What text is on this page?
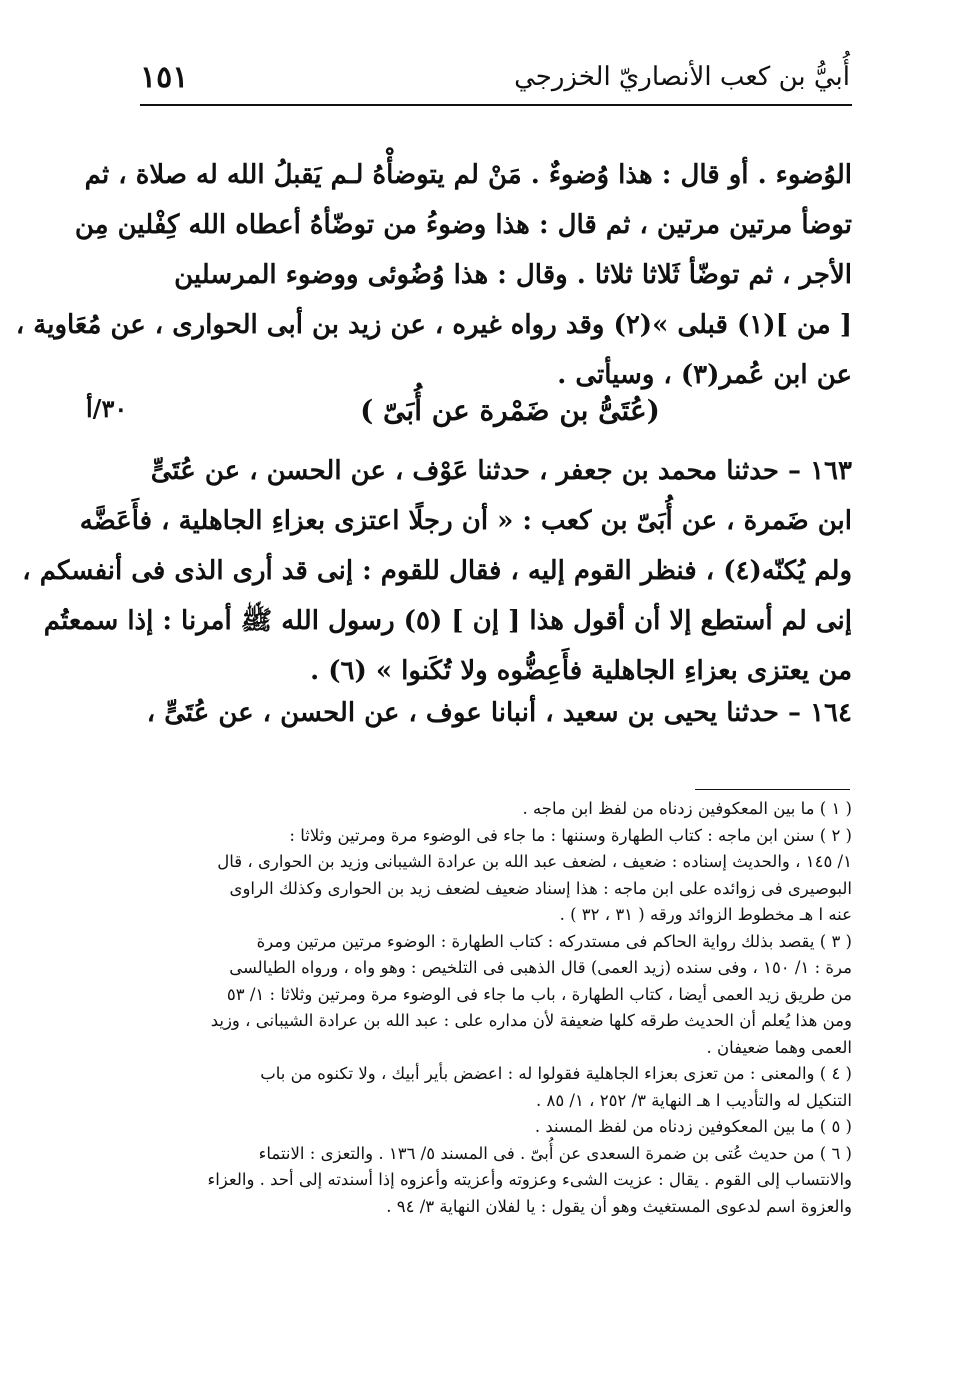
أُبيُّ بن كعب الأنصاريّ الخزرجي
١٥١
الوُضوء . أو قال : هذا وُضوءٌ . مَنْ لم يتوضأْهُ لـم يَقبلُ الله له صلاة ، ثم
توضأ مرتين مرتين ، ثم قال : هذا وضوءُ من توضّأهُ أعطاه الله كِفْلين مِن
الأجر ، ثم توضّأ ثَلاثا ثلاثا . وقال : هذا وُضُوئى ووضوء المرسلين
[ من ](١) قبلى »(٢) وقد رواه غيره ، عن زيد بن أبى الحوارى ، عن مُعَاوية ،
عن ابن عُمر(٣) ، وسيأتى .
٣٠/أ	(عُتَىُّ بن ضَمْرة عن أُبَىّ )
١٦٣ – حدثنا محمد بن جعفر ، حدثنا عَوْف ، عن الحسن ، عن عُتَىٍّ
ابن ضَمرة ، عن أُبَىّ بن كعب : « أن رجلًا اعتزى بعزاءِ الجاهلية ، فأَعَضَّه
ولم يُكنّه(٤) ، فنظر القوم إليه ، فقال للقوم : إنى قد أرى الذى فى أنفسكم ،
إنى لم أستطع إلا أن أقول هذا [ إن ] (٥) رسول الله ﷺ أمرنا : إذا سمعتُم
من يعتزى بعزاءِ الجاهلية فأَعِضُّوه ولا تُكَنوا » (٦) .
١٦٤ – حدثنا يحيى بن سعيد ، أنبانا عوف ، عن الحسن ، عن عُتَىٍّ ،
( ١ ) ما بين المعكوفين زدناه من لفظ ابن ماجه .
( ٢ ) سنن ابن ماجه : كتاب الطهارة وسننها : ما جاء فى الوضوء مرة ومرتين وثلاثا :
١/ ١٤٥ ، والحديث إسناده : ضعيف ، لضعف عبد الله بن عرادة الشيبانى وزيد بن الحوارى ، قال
البوصيرى فى زوائده على ابن ماجه : هذا إسناد ضعيف لضعف زيد بن الحوارى وكذلك الراوى
عنه ا هـ مخطوط الزوائد ورقه ( ٣١ ، ٣٢ ) .
( ٣ ) يقصد بذلك رواية الحاكم فى مستدركه : كتاب الطهارة : الوضوء مرتين مرتين ومرة
مرة : ١/ ١٥٠ ، وفى سنده (زيد العمى) قال الذهبى فى التلخيص : وهو واه ، ورواه الطيالسى
من طريق زيد العمى أيضا ، كتاب الطهارة ، باب ما جاء فى الوضوء مرة ومرتين وثلاثا : ١/ ٥٣
ومن هذا يُعلم أن الحديث طرقه كلها ضعيفة لأن مداره على : عبد الله بن عرادة الشيبانى ، وزيد
العمى وهما ضعيفان .
( ٤ ) والمعنى : من تعزى بعزاء الجاهلية فقولوا له : اعضض بأير أبيك ، ولا تكنوه من باب
التنكيل له والتأديب ا هـ النهاية ٣/ ٢٥٢ ، ١/ ٨٥ .
( ٥ ) ما بين المعكوفين زدناه من لفظ المسند .
( ٦ ) من حديث عُتى بن ضمرة السعدى عن أُبىّ . فى المسند ٥/ ١٣٦ . والتعزى : الانتماء
والانتساب إلى القوم . يقال : عزيت الشىء وعزوته وأعزيته وأعزوه إذا أسندته إلى أحد . والعزاء
والعزوة اسم لدعوى المستغيث وهو أن يقول : يا لفلان النهاية ٣/ ٩٤ .
